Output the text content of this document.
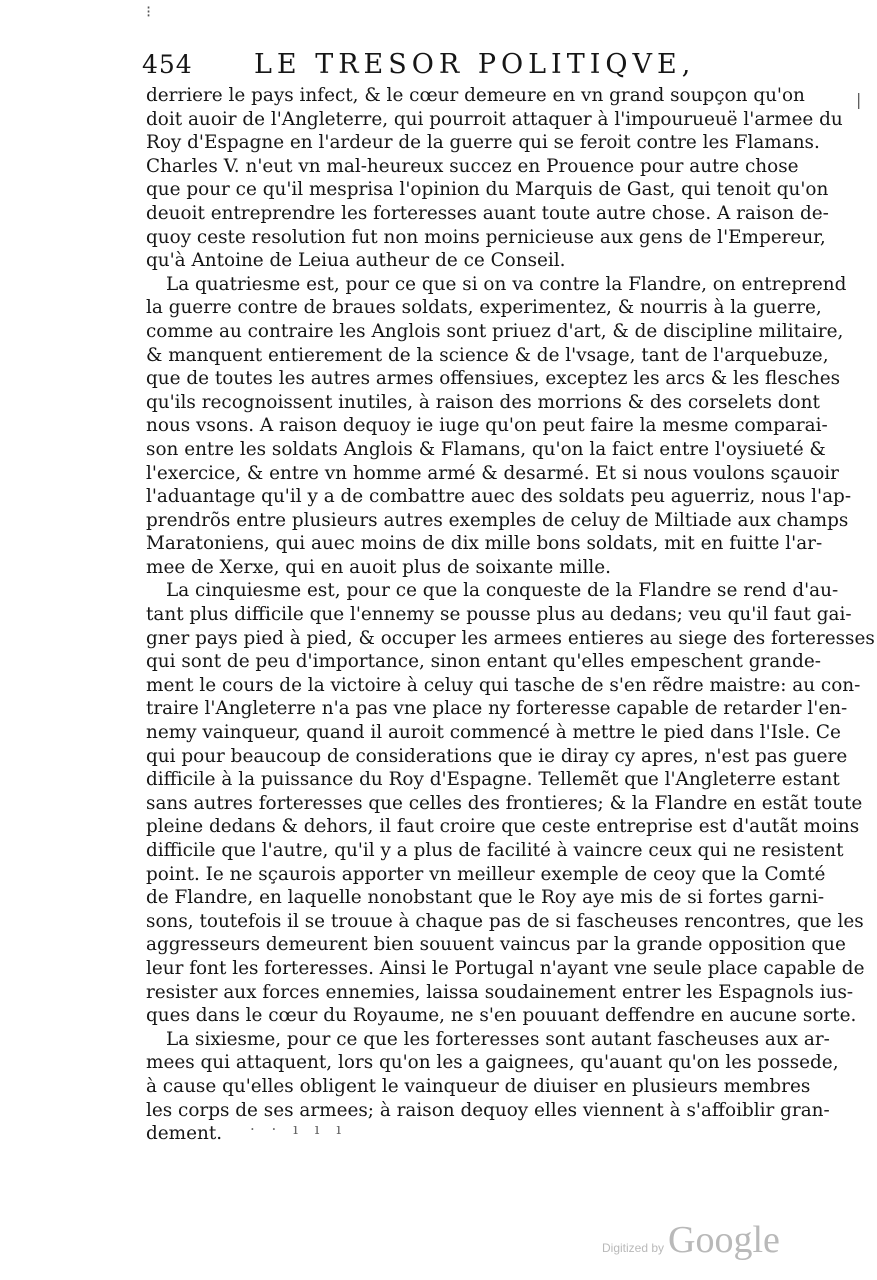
⁝
|
454 LE TRESOR POLITIQVE,
derriere le pays infect, & le cœur demeure en vn grand soupçon qu'on
doit auoir de l'Angleterre, qui pourroit attaquer à l'impourueuë l'armee du
Roy d'Espagne en l'ardeur de la guerre qui se feroit contre les Flamans.
Charles V. n'eut vn mal-heureux succez en Prouence pour autre chose
que pour ce qu'il mesprisa l'opinion du Marquis de Gast, qui tenoit qu'on
deuoit entreprendre les forteresses auant toute autre chose. A raison de-
quoy ceste resolution fut non moins pernicieuse aux gens de l'Empereur,
qu'à Antoine de Leiua autheur de ce Conseil.
La quatriesme est, pour ce que si on va contre la Flandre, on entreprend
la guerre contre de braues soldats, experimentez, & nourris à la guerre,
comme au contraire les Anglois sont priuez d'art, & de discipline militaire,
& manquent entierement de la science & de l'vsage, tant de l'arquebuze,
que de toutes les autres armes offensiues, exceptez les arcs & les flesches
qu'ils recognoissent inutiles, à raison des morrions & des corselets dont
nous vsons. A raison dequoy ie iuge qu'on peut faire la mesme comparai-
son entre les soldats Anglois & Flamans, qu'on la faict entre l'oysiueté &
l'exercice, & entre vn homme armé & desarmé. Et si nous voulons sçauoir
l'aduantage qu'il y a de combattre auec des soldats peu aguerriz, nous l'ap-
prendrõs entre plusieurs autres exemples de celuy de Miltiade aux champs
Maratoniens, qui auec moins de dix mille bons soldats, mit en fuitte l'ar-
mee de Xerxe, qui en auoit plus de soixante mille.
La cinquiesme est, pour ce que la conqueste de la Flandre se rend d'au-
tant plus difficile que l'ennemy se pousse plus au dedans; veu qu'il faut gai-
gner pays pied à pied, & occuper les armees entieres au siege des forteresses
qui sont de peu d'importance, sinon entant qu'elles empeschent grande-
ment le cours de la victoire à celuy qui tasche de s'en rẽdre maistre: au con-
traire l'Angleterre n'a pas vne place ny forteresse capable de retarder l'en-
nemy vainqueur, quand il auroit commencé à mettre le pied dans l'Isle. Ce
qui pour beaucoup de considerations que ie diray cy apres, n'est pas guere
difficile à la puissance du Roy d'Espagne. Tellemẽt que l'Angleterre estant
sans autres forteresses que celles des frontieres; & la Flandre en estãt toute
pleine dedans & dehors, il faut croire que ceste entreprise est d'autãt moins
difficile que l'autre, qu'il y a plus de facilité à vaincre ceux qui ne resistent
point. Ie ne sçaurois apporter vn meilleur exemple de ceoy que la Comté
de Flandre, en laquelle nonobstant que le Roy aye mis de si fortes garni-
sons, toutefois il se trouue à chaque pas de si fascheuses rencontres, que les
aggresseurs demeurent bien souuent vaincus par la grande opposition que
leur font les forteresses. Ainsi le Portugal n'ayant vne seule place capable de
resister aux forces ennemies, laissa soudainement entrer les Espagnols ius-
ques dans le cœur du Royaume, ne s'en pouuant deffendre en aucune sorte.
La sixiesme, pour ce que les forteresses sont autant fascheuses aux ar-
mees qui attaquent, lors qu'on les a gaignees, qu'auant qu'on les possede,
à cause qu'elles obligent le vainqueur de diuiser en plusieurs membres
les corps de ses armees; à raison dequoy elles viennent à s'affoiblir gran-
dement.	· · ı ı ı
Digitized by Google
